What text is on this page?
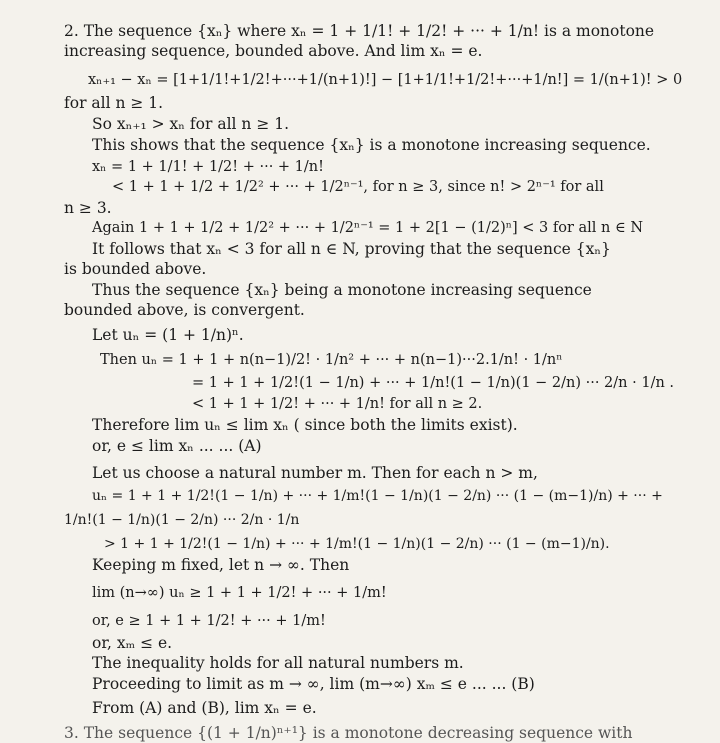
2. The sequence {xₙ} where xₙ = 1 + 1/1! + 1/2! + ··· + 1/n! is a monotone
increasing sequence, bounded above. And lim xₙ = e.
xₙ₊₁ − xₙ = [1+1/1!+1/2!+···+1/(n+1)!] − [1+1/1!+1/2!+···+1/n!] = 1/(n+1)! > 0
for all n ≥ 1.
So xₙ₊₁ > xₙ for all n ≥ 1.
This shows that the sequence {xₙ} is a monotone increasing sequence.
xₙ = 1 + 1/1! + 1/2! + ··· + 1/n!
< 1 + 1 + 1/2 + 1/2² + ··· + 1/2ⁿ⁻¹, for n ≥ 3, since n! > 2ⁿ⁻¹ for all
n ≥ 3.
Again 1 + 1 + 1/2 + 1/2² + ··· + 1/2ⁿ⁻¹ = 1 + 2[1 − (1/2)ⁿ] < 3 for all n ∈ N
It follows that xₙ < 3 for all n ∈ N, proving that the sequence {xₙ}
is bounded above.
Thus the sequence {xₙ} being a monotone increasing sequence
bounded above, is convergent.
Let uₙ = (1 + 1/n)ⁿ.
Then uₙ = 1 + 1 + n(n−1)/2! · 1/n² + ··· + n(n−1)···2.1/n! · 1/nⁿ
= 1 + 1 + 1/2!(1 − 1/n) + ··· + 1/n!(1 − 1/n)(1 − 2/n) ··· 2/n · 1/n .
< 1 + 1 + 1/2! + ··· + 1/n! for all n ≥ 2.
Therefore lim uₙ ≤ lim xₙ ( since both the limits exist).
or, e ≤ lim xₙ ... ... (A)
Let us choose a natural number m. Then for each n > m,
uₙ = 1 + 1 + 1/2!(1 − 1/n) + ··· + 1/m!(1 − 1/n)(1 − 2/n) ··· (1 − (m−1)/n) + ··· +
1/n!(1 − 1/n)(1 − 2/n) ··· 2/n · 1/n
> 1 + 1 + 1/2!(1 − 1/n) + ··· + 1/m!(1 − 1/n)(1 − 2/n) ··· (1 − (m−1)/n).
Keeping m fixed, let n → ∞. Then
lim (n→∞) uₙ ≥ 1 + 1 + 1/2! + ··· + 1/m!
or, e ≥ 1 + 1 + 1/2! + ··· + 1/m!
or, xₘ ≤ e.
The inequality holds for all natural numbers m.
Proceeding to limit as m → ∞, lim (m→∞) xₘ ≤ e ... ... (B)
From (A) and (B), lim xₙ = e.
3. The sequence {(1 + 1/n)ⁿ⁺¹} is a monotone decreasing sequence with
